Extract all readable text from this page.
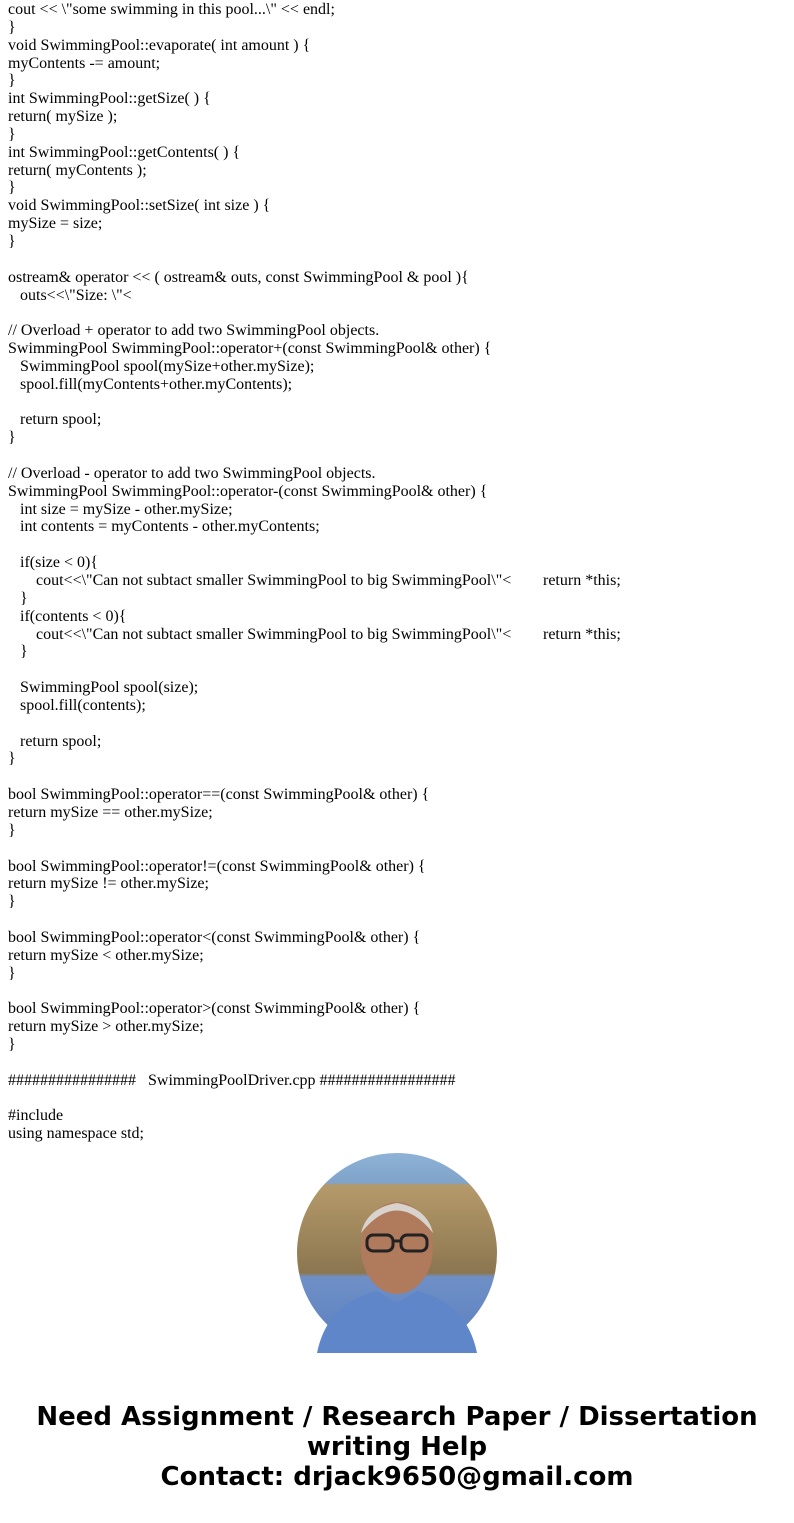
cout << \"some swimming in this pool...\" << endl;
}
void SwimmingPool::evaporate( int amount ) {
myContents -= amount;
}
int SwimmingPool::getSize( ) {
return( mySize );
}
int SwimmingPool::getContents( ) {
return( myContents );
}
void SwimmingPool::setSize( int size ) {
mySize = size;
}
ostream& operator << ( ostream& outs, const SwimmingPool & pool ){
outs<<\"Size: \"<
// Overload + operator to add two SwimmingPool objects.
SwimmingPool SwimmingPool::operator+(const SwimmingPool& other) {
SwimmingPool spool(mySize+other.mySize);
spool.fill(myContents+other.myContents);
return spool;
}
// Overload - operator to add two SwimmingPool objects.
SwimmingPool SwimmingPool::operator-(const SwimmingPool& other) {
int size = mySize - other.mySize;
int contents = myContents - other.myContents;
if(size < 0){
cout<<\"Can not subtact smaller SwimmingPool to big SwimmingPool\"< return *this;
}
if(contents < 0){
cout<<\"Can not subtact smaller SwimmingPool to big SwimmingPool\"< return *this;
}
SwimmingPool spool(size);
spool.fill(contents);
return spool;
}
bool SwimmingPool::operator==(const SwimmingPool& other) {
return mySize == other.mySize;
}
bool SwimmingPool::operator!=(const SwimmingPool& other) {
return mySize != other.mySize;
}
bool SwimmingPool::operator<(const SwimmingPool& other) {
return mySize < other.mySize;
}
bool SwimmingPool::operator>(const SwimmingPool& other) {
return mySize > other.mySize;
}
################   SwimmingPoolDriver.cpp #################
#include
using namespace std;
Need Assignment / Research Paper / Dissertation
writing Help
Contact: drjack9650@gmail.com
